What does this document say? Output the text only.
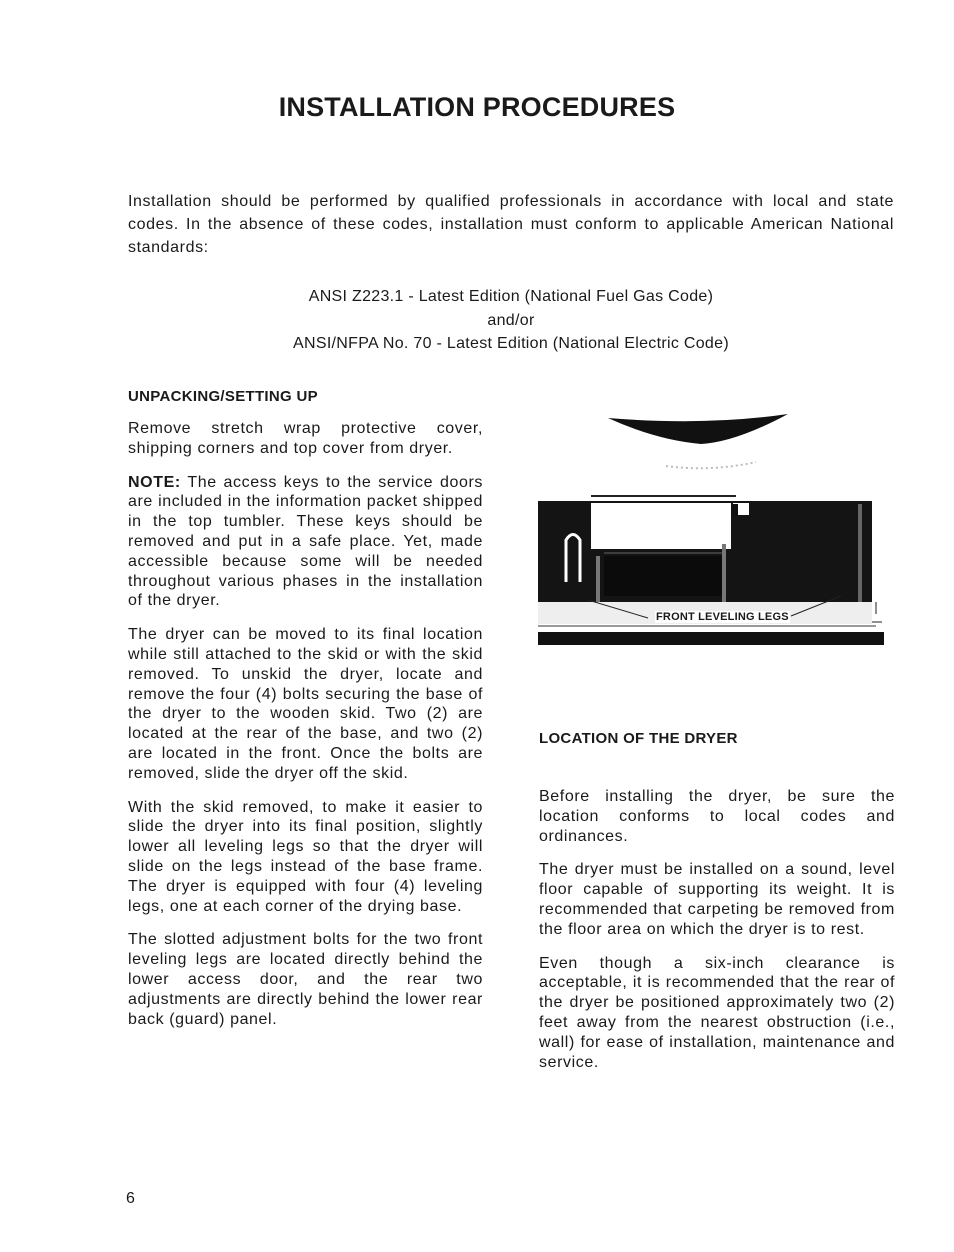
INSTALLATION PROCEDURES

Installation should be performed by qualified professionals in accordance with local and state codes. In the absence of these codes, installation must conform to applicable American National standards:

ANSI Z223.1 - Latest Edition (National Fuel Gas Code)
and/or
ANSI/NFPA No. 70 - Latest Edition (National Electric Code)
UNPACKING/SETTING UP

Remove stretch wrap protective cover, shipping corners and top cover from dryer.

NOTE: The access keys to the service doors are included in the information packet shipped in the top tumbler. These keys should be removed and put in a safe place. Yet, made accessible because some will be needed throughout various phases in the installation of the dryer.

The dryer can be moved to its final location while still attached to the skid or with the skid removed. To unskid the dryer, locate and remove the four (4) bolts securing the base of the dryer to the wooden skid. Two (2) are located at the rear of the base, and two (2) are located in the front. Once the bolts are removed, slide the dryer off the skid.

With the skid removed, to make it easier to slide the dryer into its final position, slightly lower all leveling legs so that the dryer will slide on the legs instead of the base frame. The dryer is equipped with four (4) leveling legs, one at each corner of the drying base.

The slotted adjustment bolts for the two front leveling legs are located directly behind the lower access door, and the rear two adjustments are directly behind the lower rear back (guard) panel.

FRONT LEVELING LEGS
LOCATION OF THE DRYER

Before installing the dryer, be sure the location conforms to local codes and ordinances.

The dryer must be installed on a sound, level floor capable of supporting its weight. It is recommended that carpeting be removed from the floor area on which the dryer is to rest.

Even though a six-inch clearance is acceptable, it is recommended that the rear of the dryer be positioned approximately two (2) feet away from the nearest obstruction (i.e., wall) for ease of installation, maintenance and service.

6
